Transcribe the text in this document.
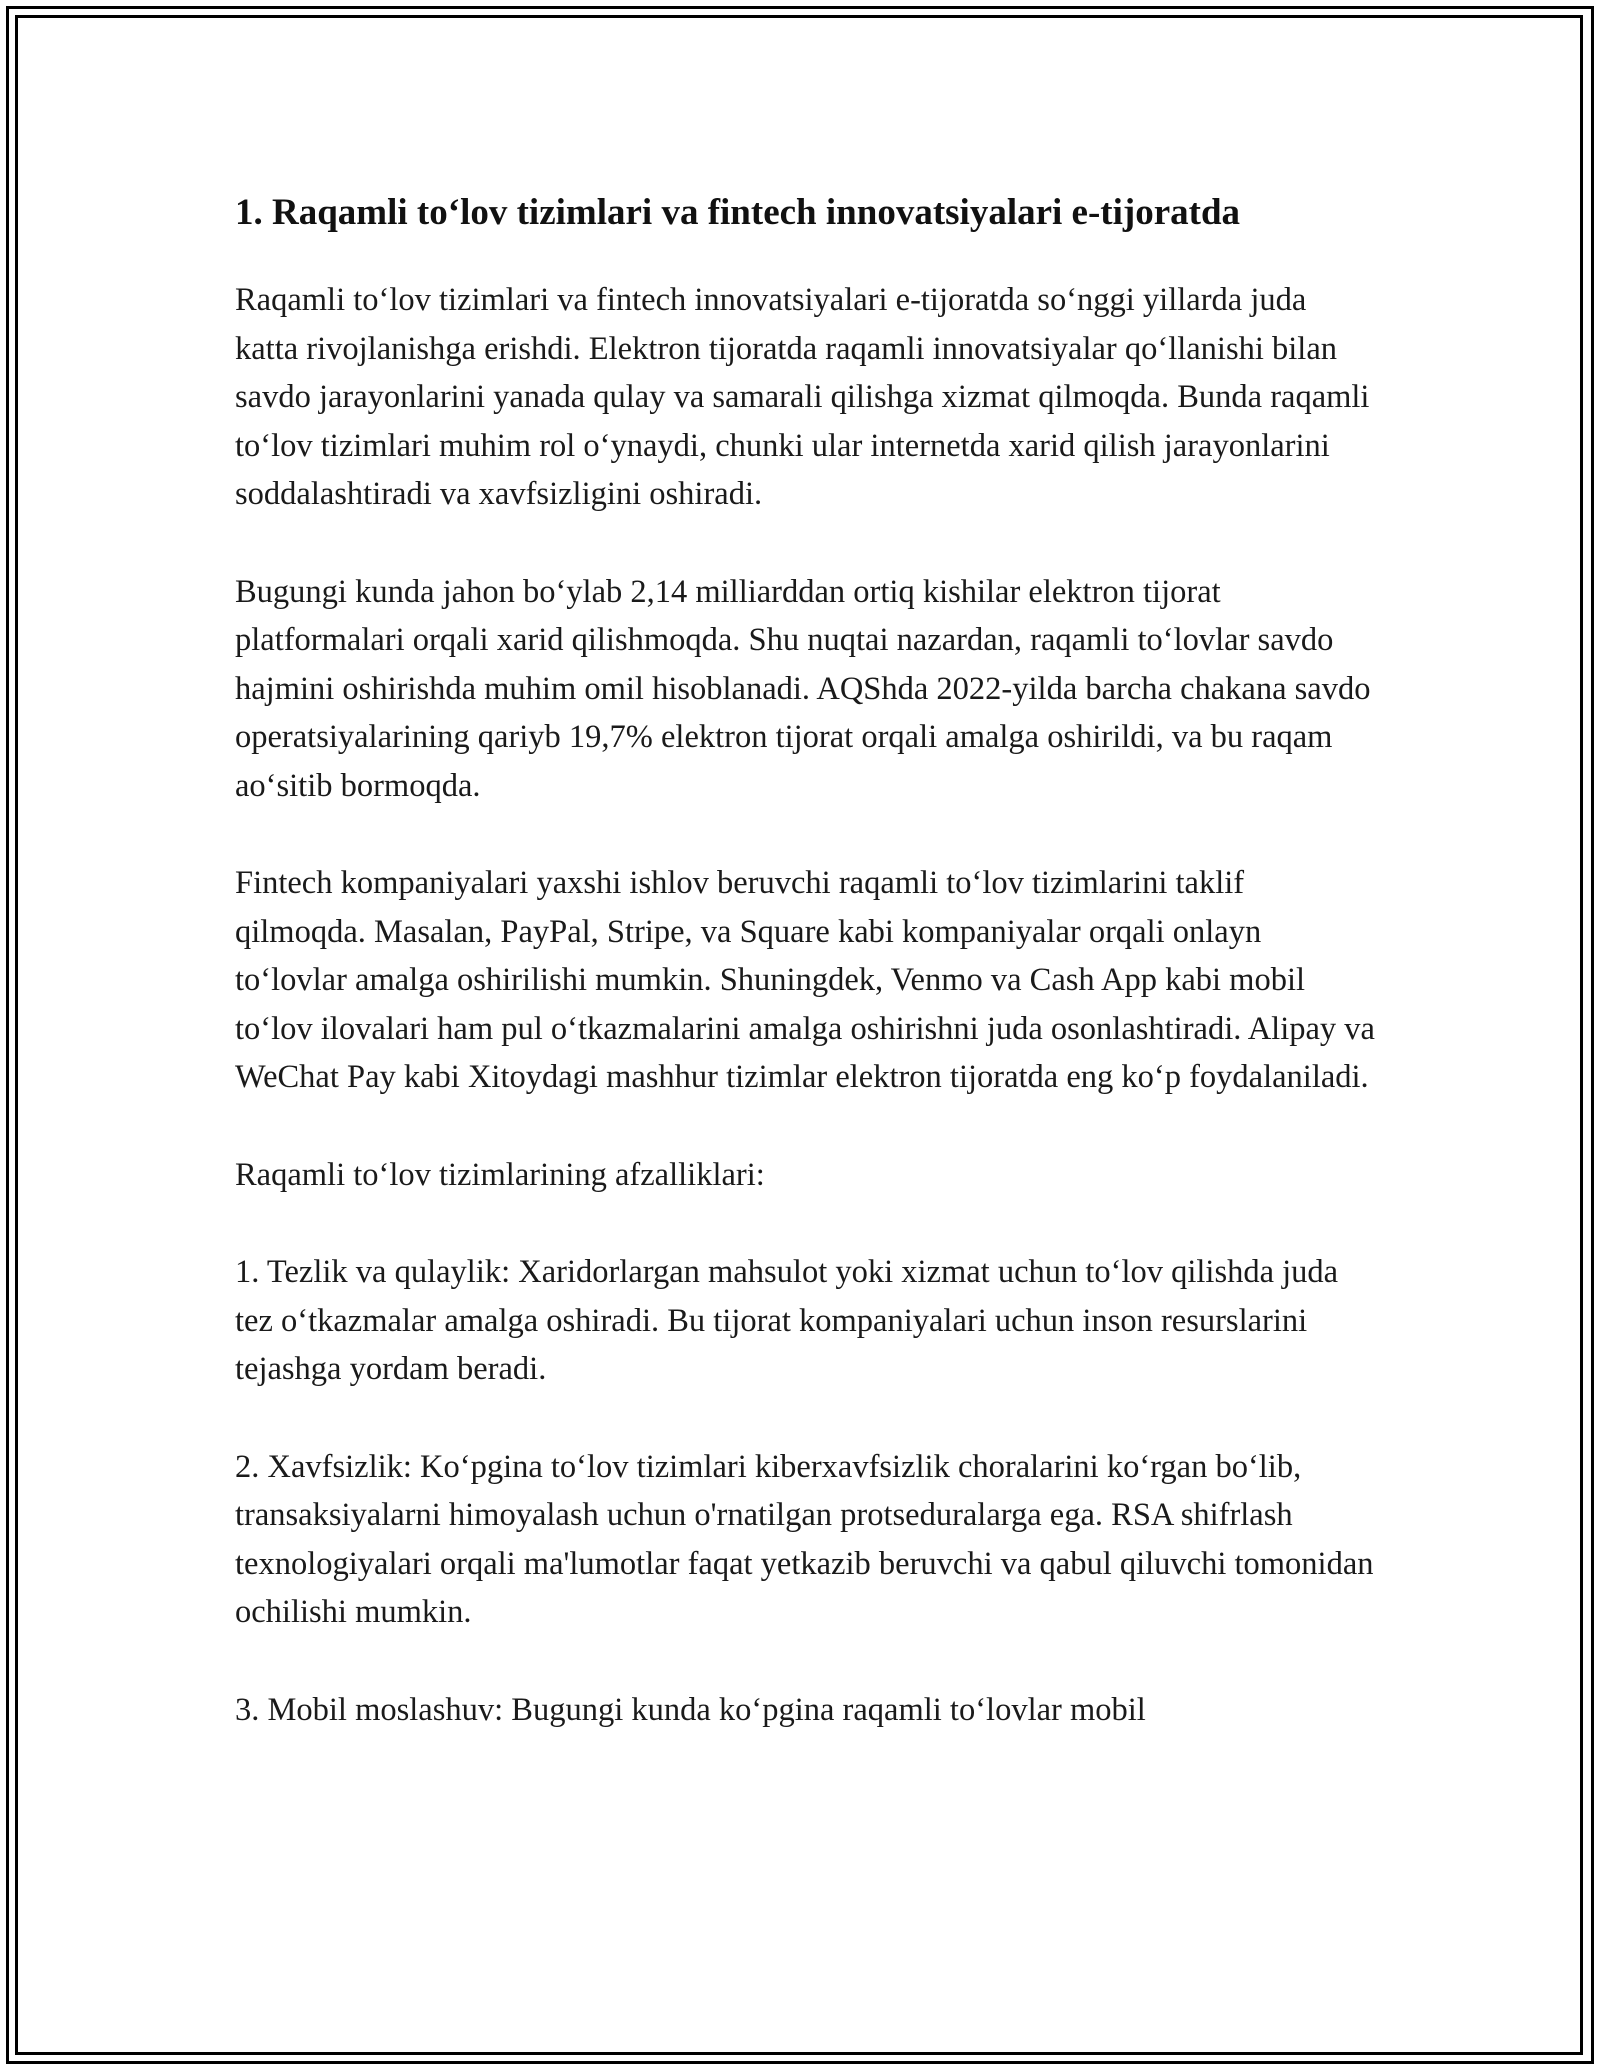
1. Raqamli to‘lov tizimlari va fintech innovatsiyalari e-tijoratda

Raqamli to‘lov tizimlari va fintech innovatsiyalari e-tijoratda so‘nggi yillarda juda katta rivojlanishga erishdi. Elektron tijoratda raqamli innovatsiyalar qo‘llanishi bilan savdo jarayonlarini yanada qulay va samarali qilishga xizmat qilmoqda. Bunda raqamli to‘lov tizimlari muhim rol o‘ynaydi, chunki ular internetda xarid qilish jarayonlarini soddalashtiradi va xavfsizligini oshiradi.

Bugungi kunda jahon bo‘ylab 2,14 milliarddan ortiq kishilar elektron tijorat platformalari orqali xarid qilishmoqda. Shu nuqtai nazardan, raqamli to‘lovlar savdo hajmini oshirishda muhim omil hisoblanadi. AQShda 2022-yilda barcha chakana savdo operatsiyalarining qariyb 19,7% elektron tijorat orqali amalga oshirildi, va bu raqam ao‘sitib bormoqda.

Fintech kompaniyalari yaxshi ishlov beruvchi raqamli to‘lov tizimlarini taklif qilmoqda. Masalan, PayPal, Stripe, va Square kabi kompaniyalar orqali onlayn to‘lovlar amalga oshirilishi mumkin. Shuningdek, Venmo va Cash App kabi mobil to‘lov ilovalari ham pul o‘tkazmalarini amalga oshirishni juda osonlashtiradi. Alipay va WeChat Pay kabi Xitoydagi mashhur tizimlar elektron tijoratda eng ko‘p foydalaniladi.

Raqamli to‘lov tizimlarining afzalliklari:

1. Tezlik va qulaylik: Xaridorlargan mahsulot yoki xizmat uchun to‘lov qilishda juda tez o‘tkazmalar amalga oshiradi. Bu tijorat kompaniyalari uchun inson resurslarini tejashga yordam beradi.

2. Xavfsizlik: Ko‘pgina to‘lov tizimlari kiberxavfsizlik choralarini ko‘rgan bo‘lib, transaksiyalarni himoyalash uchun o'rnatilgan protseduralarga ega. RSA shifrlash texnologiyalari orqali ma'lumotlar faqat yetkazib beruvchi va qabul qiluvchi tomonidan ochilishi mumkin.

3. Mobil moslashuv: Bugungi kunda ko‘pgina raqamli to‘lovlar mobil
